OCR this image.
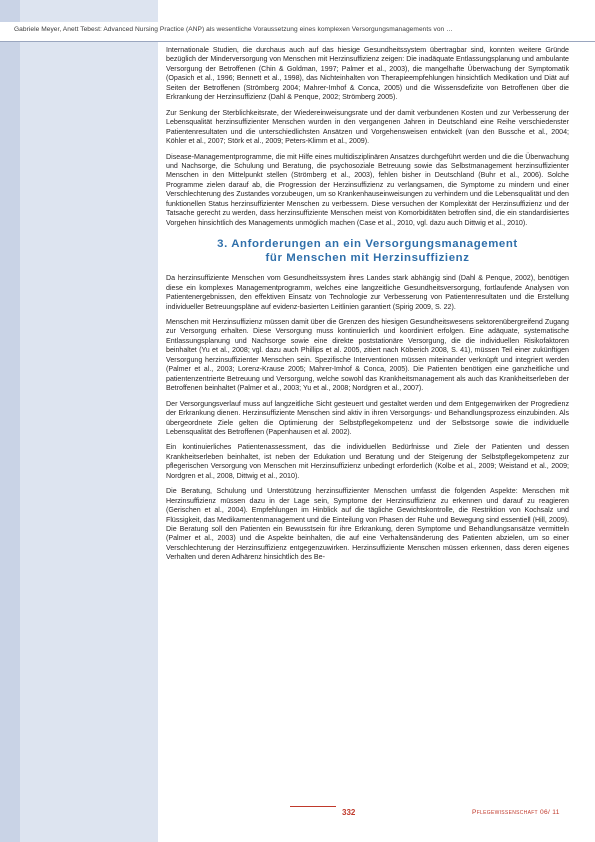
Gabriele Meyer, Anett Tebest: Advanced Nursing Practice (ANP) als wesentliche Voraussetzung eines komplexen Versorgungsmanagements von …

Internationale Studien, die durchaus auch auf das hiesige Gesundheitssystem übertragbar sind, konnten weitere Gründe bezüglich der Minderversorgung von Menschen mit Herzinsuffizienz zeigen: Die inadäquate Entlassungsplanung und ambulante Versorgung der Betroffenen (Chin & Goldman, 1997; Palmer et al., 2003), die mangelhafte Überwachung der Symptomatik (Opasich et al., 1996; Bennett et al., 1998), das Nichteinhalten von Therapieempfehlungen hinsichtlich Medikation und Diät auf Seiten der Betroffenen (Strömberg 2004; Mahrer-Imhof & Conca, 2005) und die Wissensdefizite von Betroffenen über die Erkrankung der Herzinsuffizienz (Dahl & Penque, 2002; Strömberg 2005).

Zur Senkung der Sterblichkeitsrate, der Wiedereinweisungsrate und der damit verbundenen Kosten und zur Verbesserung der Lebensqualität herzinsuffizienter Menschen wurden in den vergangenen Jahren in Deutschland eine Reihe verschiedenster Patientenresultaten und die unterschiedlichsten Ansätzen und Vorgehensweisen entwickelt (van den Bussche et al., 2004; Köhler et al., 2007; Störk et al., 2009; Peters-Klimm et al., 2009).

Disease-Managementprogramme, die mit Hilfe eines multidisziplinären Ansatzes durchgeführt werden und die die Überwachung und Nachsorge, die Schulung und Beratung, die psychosoziale Betreuung sowie das Selbstmanagement herzinsuffizienter Menschen in den Mittelpunkt stellen (Strömberg et al., 2003), fehlen bisher in Deutschland (Buhr et al., 2006). Solche Programme zielen darauf ab, die Progression der Herzinsuffizienz zu verlangsamen, die Symptome zu mindern und einer Verschlechterung des Zustandes vorzubeugen, um so Krankenhauseinweisungen zu verhindern und die Lebensqualität und den funktionellen Status herzinsuffizienter Menschen zu verbessern. Diese versuchen der Komplexität der Herzinsuffizienz und der Tatsache gerecht zu werden, dass herzinsuffiziente Menschen meist von Komorbiditäten betroffen sind, die ein standardisiertes Vorgehen hinsichtlich des Managements unmöglich machen (Case et al., 2010, vgl. dazu auch Dittwig et al., 2010).

3. Anforderungen an ein Versorgungsmanagement
für Menschen mit Herzinsuffizienz

Da herzinsuffiziente Menschen vom Gesundheitssystem ihres Landes stark abhängig sind (Dahl & Penque, 2002), benötigen diese ein komplexes Managementprogramm, welches eine langzeitliche Gesundheitsversorgung, fortlaufende Analysen von Patientenergebnissen, den effektiven Einsatz von Technologie zur Verbesserung von Patientenresultaten und die Erstellung individueller Betreuungspläne auf evidenz-basierten Leitlinien garantiert (Spirig 2009, S. 22).

Menschen mit Herzinsuffizienz müssen damit über die Grenzen des hiesigen Gesundheitswesens sektorenübergreifend Zugang zur Versorgung erhalten. Diese Versorgung muss kontinuierlich und koordiniert erfolgen. Eine adäquate, systematische Entlassungsplanung und Nachsorge sowie eine direkte poststationäre Versorgung, die die individuellen Risikofaktoren beinhaltet (Yu et al., 2008; vgl. dazu auch Phillips et al. 2005, zitiert nach Köberich 2008, S. 41), müssen Teil einer zukünftigen Versorgung herzinsuffizienter Menschen sein. Spezifische Interventionen müssen miteinander verknüpft und integriert werden (Palmer et al., 2003; Lorenz-Krause 2005; Mahrer-Imhof & Conca, 2005). Die Patienten benötigen eine ganzheitliche und patientenzentrierte Betreuung und Versorgung, welche sowohl das Krankheitsmanagement als auch das Krankheitserleben der Betroffenen beinhaltet (Palmer et al., 2003; Yu et al., 2008; Nordgren et al., 2007).

Der Versorgungsverlauf muss auf langzeitliche Sicht gesteuert und gestaltet werden und dem Entgegenwirken der Progredienz der Erkrankung dienen. Herzinsuffiziente Menschen sind aktiv in ihren Versorgungs- und Behandlungsprozess einzubinden. Als übergeordnete Ziele gelten die Optimierung der Selbstpflegekompetenz und der Selbstsorge sowie die individuelle Lebensqualität des Betroffenen (Papenhausen et al. 2002).

Ein kontinuierliches Patientenassessment, das die individuellen Bedürfnisse und Ziele der Patienten und dessen Krankheitserleben beinhaltet, ist neben der Edukation und Beratung und der Steigerung der Selbstpflegekompetenz zur pflegerischen Versorgung von Menschen mit Herzinsuffizienz unbedingt erforderlich (Kolbe et al., 2009; Weistand et al., 2009; Nordgren et al., 2008, Dittwig et al., 2010).

Die Beratung, Schulung und Unterstützung herzinsuffizienter Menschen umfasst die folgenden Aspekte: Menschen mit Herzinsuffizienz müssen dazu in der Lage sein, Symptome der Herzinsuffizienz zu erkennen und darauf zu reagieren (Gerischen et al., 2004). Empfehlungen im Hinblick auf die tägliche Gewichtskontrolle, die Restriktion von Kochsalz und Flüssigkeit, das Medikamentenmanagement und die Einteilung von Phasen der Ruhe und Bewegung sind essentiell (Hill, 2009). Die Beratung soll den Patienten ein Bewusstsein für ihre Erkrankung, deren Symptome und Behandlungsansätze vermitteln (Palmer et al., 2003) und die Aspekte beinhalten, die auf eine Verhaltensänderung des Patienten abzielen, um so einer Verschlechterung der Herzinsuffizienz entgegenzuwirken. Herzinsuffiziente Menschen müssen erkennen, dass deren eigenes Verhalten und deren Adhärenz hinsichtlich des Be-

332	Pflegewissenschaft 06/ 11
